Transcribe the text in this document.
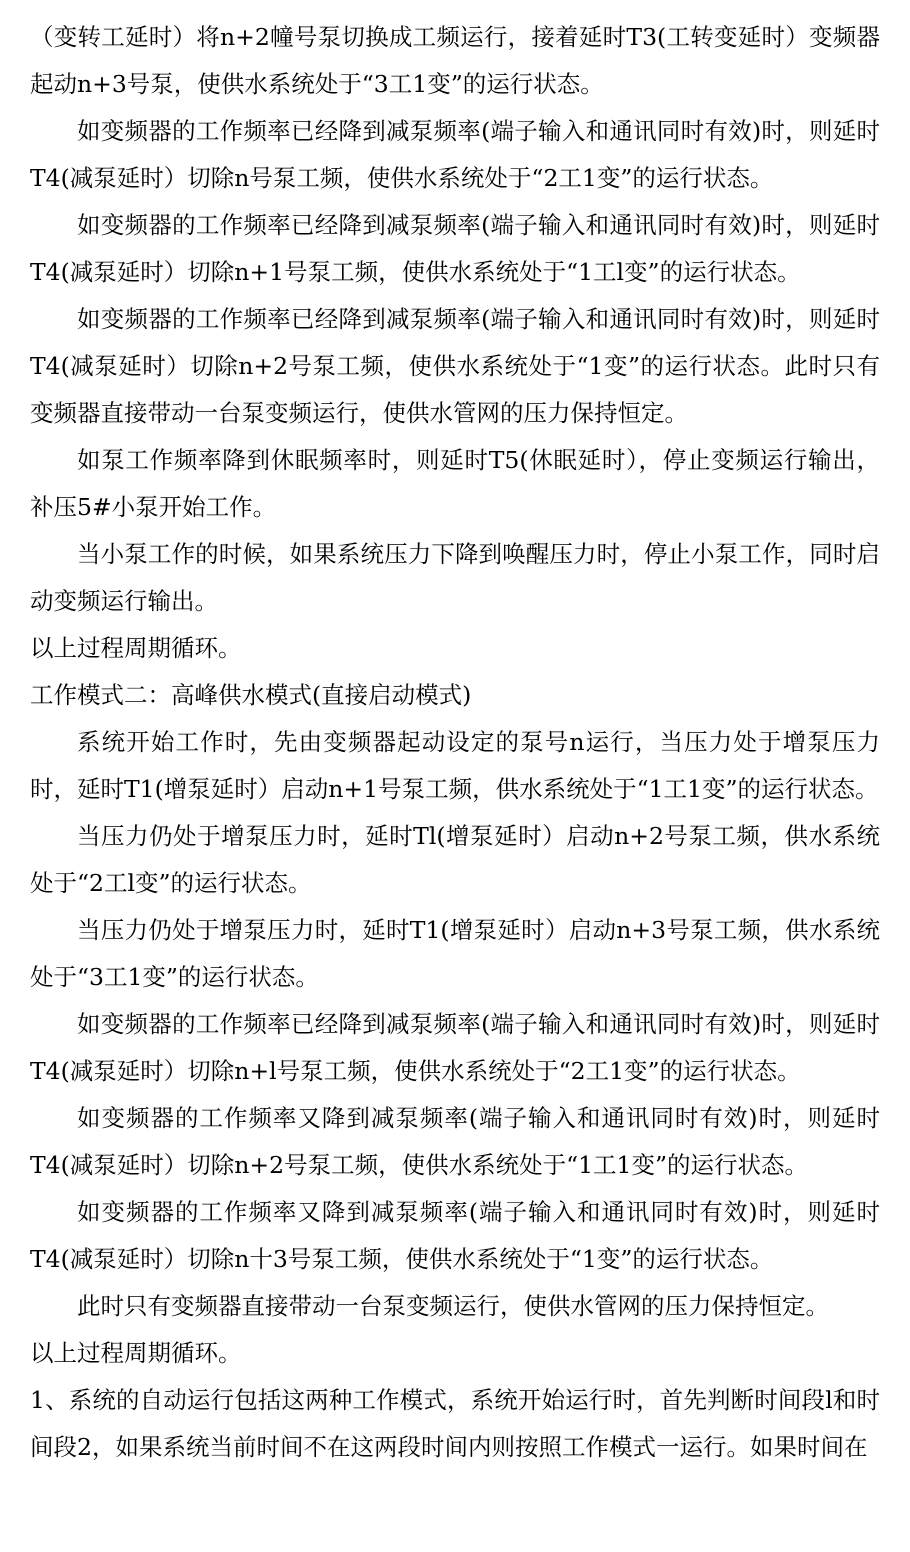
（变转工延时）将n+2幢号泵切换成工频运行，接着延时T3(工转变延时）变频器起动n+3号泵，使供水系统处于“3工1变”的运行状态。

如变频器的工作频率已经降到减泵频率(端子输入和通讯同时有效)时，则延时T4(减泵延时）切除n号泵工频，使供水系统处于“2工1变”的运行状态。

如变频器的工作频率已经降到减泵频率(端子输入和通讯同时有效)时，则延时T4(减泵延时）切除n+1号泵工频，使供水系统处于“1工l变”的运行状态。

如变频器的工作频率已经降到减泵频率(端子输入和通讯同时有效)时，则延时T4(减泵延时）切除n+2号泵工频，使供水系统处于“1变”的运行状态。此时只有变频器直接带动一台泵变频运行，使供水管网的压力保持恒定。

如泵工作频率降到休眠频率时，则延时T5(休眠延时），停止变频运行输出，补压5#小泵开始工作。

当小泵工作的时候，如果系统压力下降到唤醒压力时，停止小泵工作，同时启动变频运行输出。

以上过程周期循环。

工作模式二：高峰供水模式(直接启动模式)

系统开始工作时，先由变频器起动设定的泵号n运行，当压力处于增泵压力时，延时T1(增泵延时）启动n+1号泵工频，供水系统处于“1工1变”的运行状态。

当压力仍处于增泵压力时，延时Tl(增泵延时）启动n+2号泵工频，供水系统处于“2工l变”的运行状态。

当压力仍处于增泵压力时，延时T1(增泵延时）启动n+3号泵工频，供水系统处于“3工1变”的运行状态。

如变频器的工作频率已经降到减泵频率(端子输入和通讯同时有效)时，则延时T4(减泵延时）切除n+l号泵工频，使供水系统处于“2工1变”的运行状态。

如变频器的工作频率又降到减泵频率(端子输入和通讯同时有效)时，则延时T4(减泵延时）切除n+2号泵工频，使供水系统处于“1工1变”的运行状态。

如变频器的工作频率又降到减泵频率(端子输入和通讯同时有效)时，则延时T4(减泵延时）切除n十3号泵工频，使供水系统处于“1变”的运行状态。

此时只有变频器直接带动一台泵变频运行，使供水管网的压力保持恒定。

以上过程周期循环。

1、系统的自动运行包括这两种工作模式，系统开始运行时，首先判断时间段l和时间段2，如果系统当前时间不在这两段时间内则按照工作模式一运行。如果时间在
